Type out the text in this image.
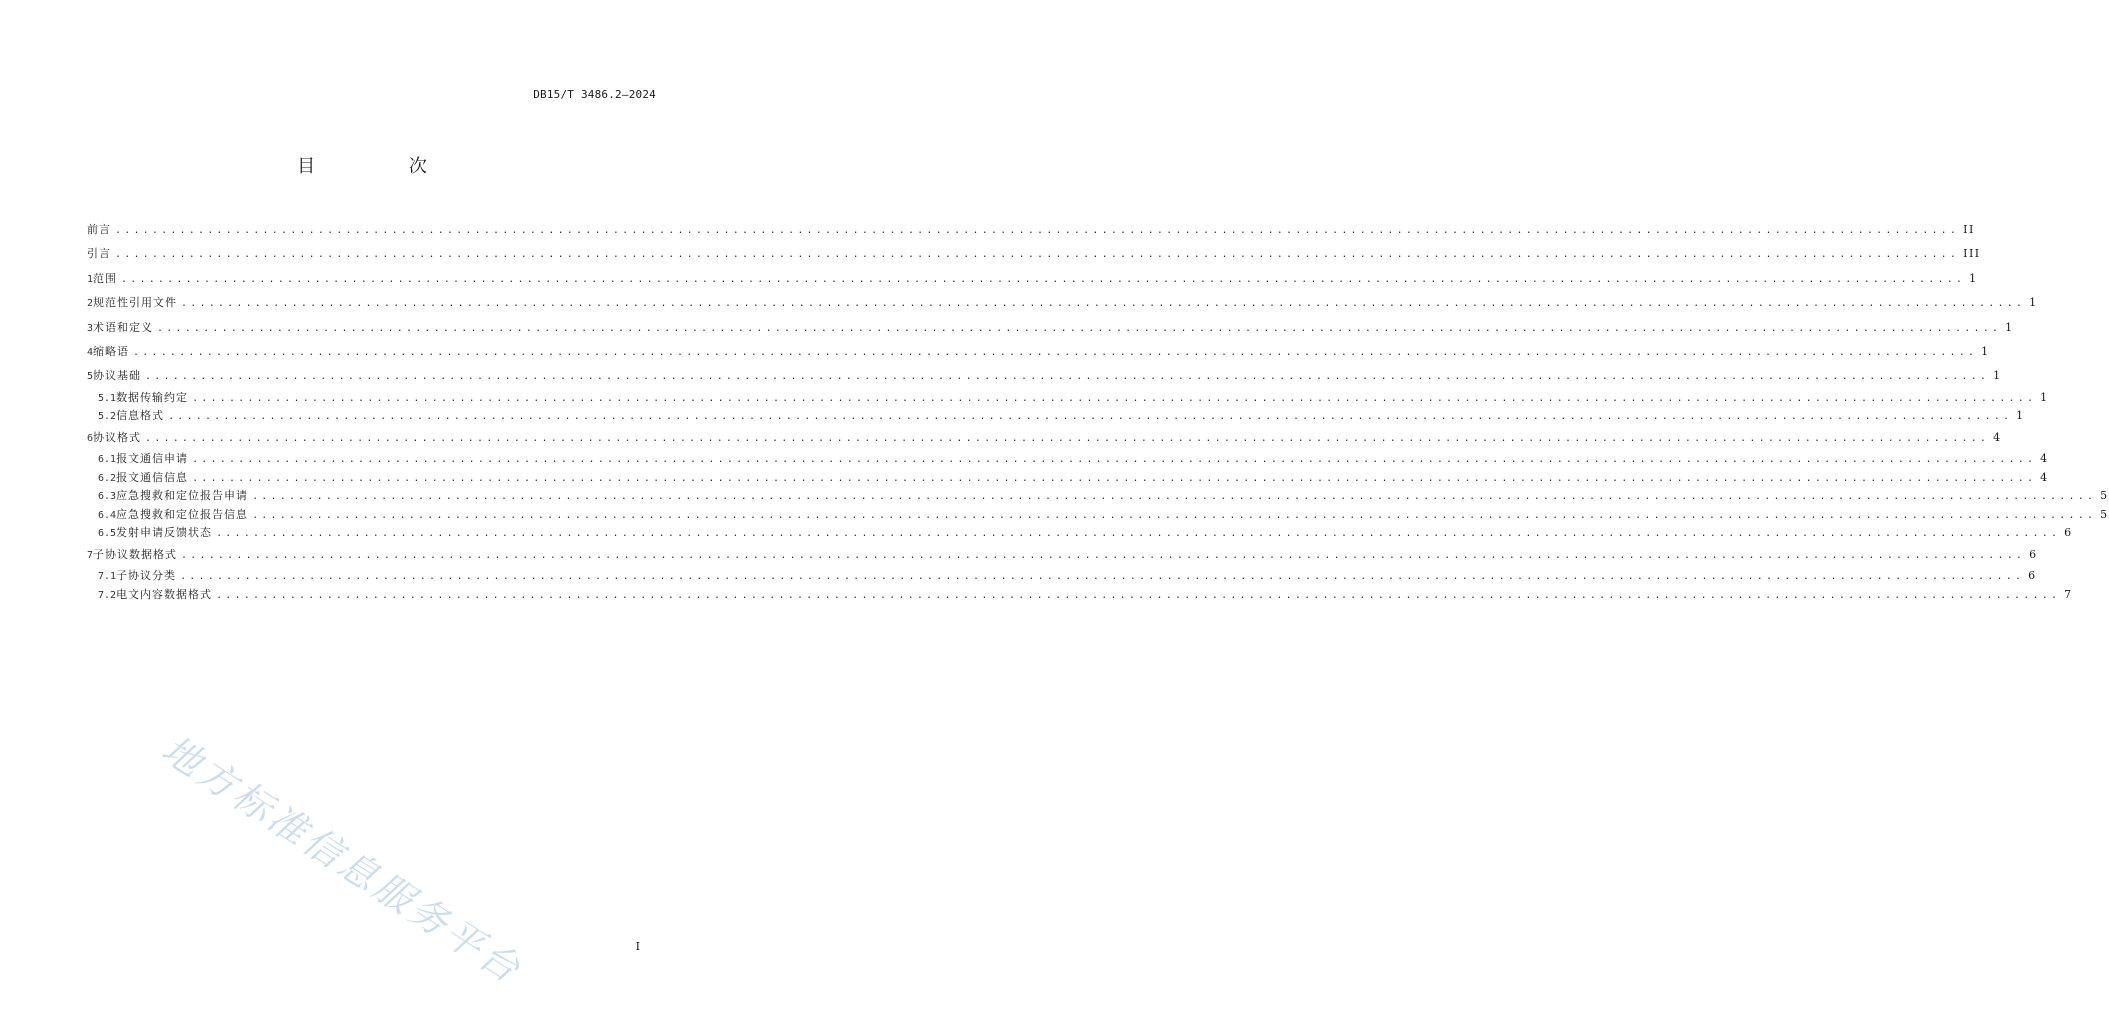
DB15/T 3486.2—2024
目 次
前言 ........................................................................................................................................................................................................ II
引言 ........................................................................................................................................................................................................ III
1 范围 ........................................................................................................................................................................................................ 1
2 规范性引用文件 ........................................................................................................................................................................................................ 1
3 术语和定义 ........................................................................................................................................................................................................ 1
4 缩略语 ........................................................................................................................................................................................................ 1
5 协议基础 ........................................................................................................................................................................................................ 1
5.1 数据传输约定 ........................................................................................................................................................................................................ 1
5.2 信息格式 ........................................................................................................................................................................................................ 1
6 协议格式 ........................................................................................................................................................................................................ 4
6.1 报文通信申请 ........................................................................................................................................................................................................ 4
6.2 报文通信信息 ........................................................................................................................................................................................................ 4
6.3 应急搜救和定位报告申请 ........................................................................................................................................................................................................ 5
6.4 应急搜救和定位报告信息 ........................................................................................................................................................................................................ 5
6.5 发射申请反馈状态 ........................................................................................................................................................................................................ 6
7 子协议数据格式 ........................................................................................................................................................................................................ 6
7.1 子协议分类 ........................................................................................................................................................................................................ 6
7.2 电文内容数据格式 ........................................................................................................................................................................................................ 7
地方标准信息服务平台	I
